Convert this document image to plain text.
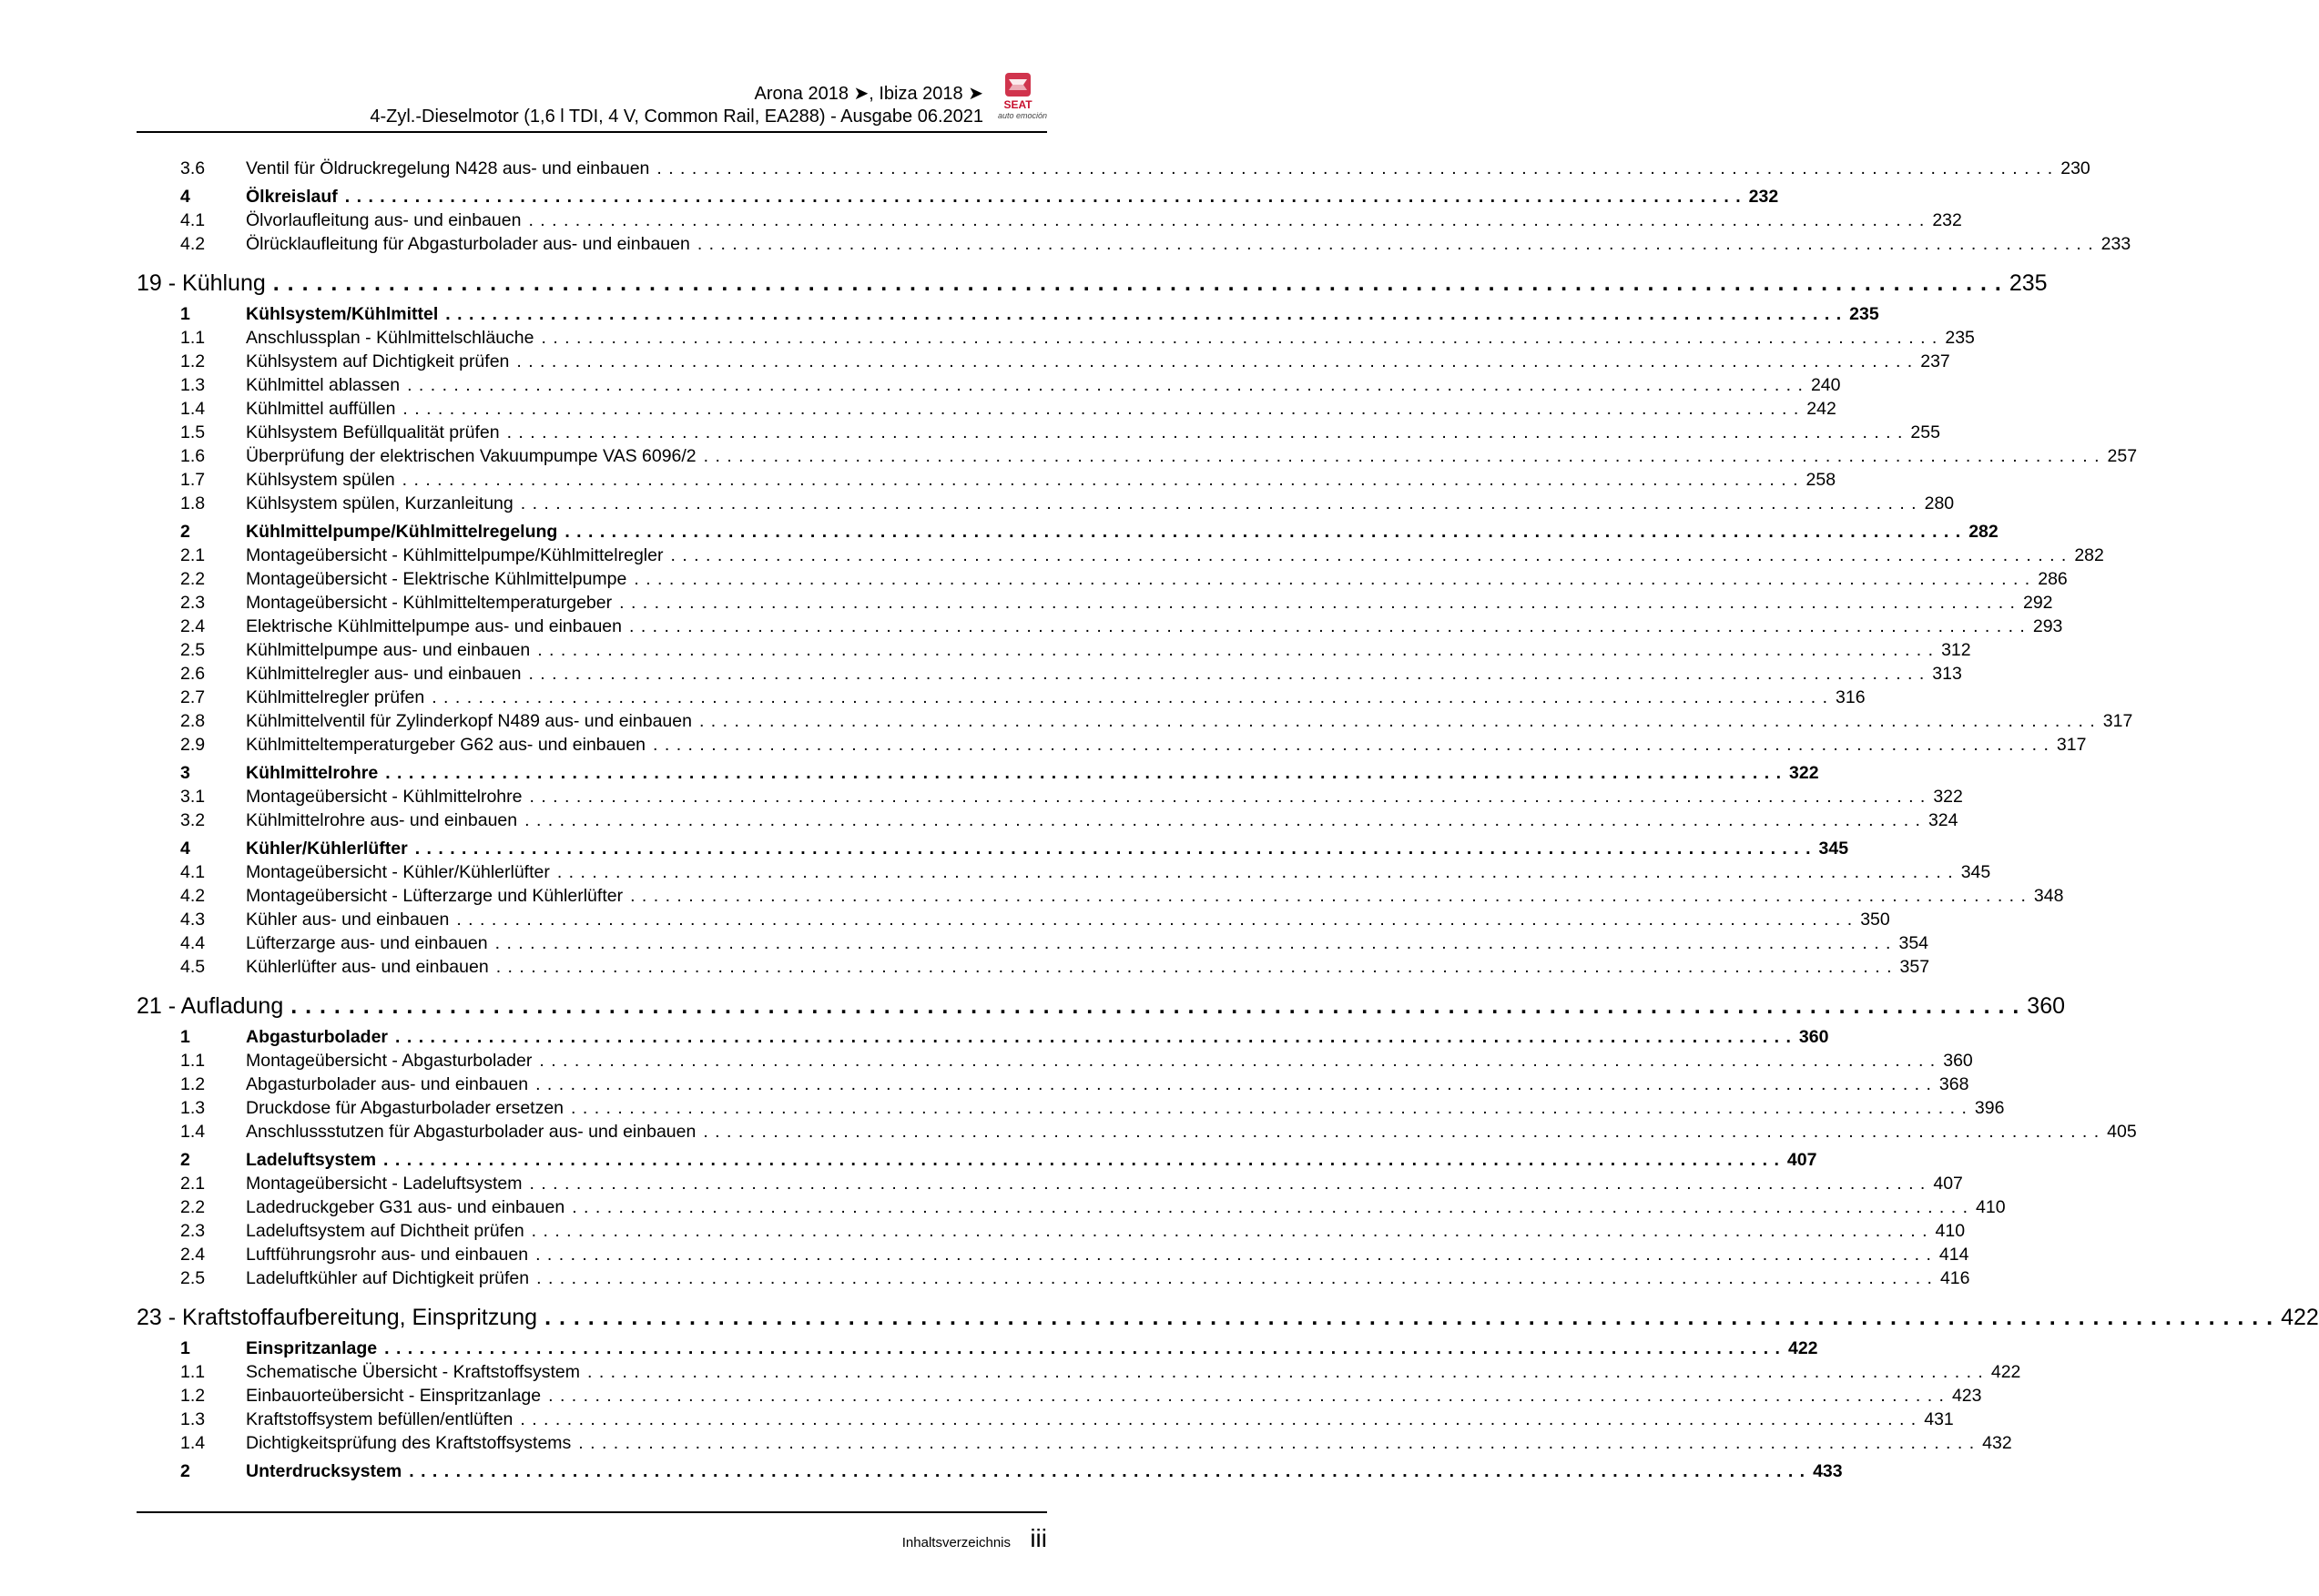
Arona 2018 ➤, Ibiza 2018 ➤
4-Zyl.-Dieselmotor (1,6 l TDI, 4 V, Common Rail, EA288) - Ausgabe 06.2021
SEAT
auto emoción
3.6	Ventil für Öldruckregelung N428 aus- und einbauen . . . . . . . . . . . . . . . . . . . . . . . . . . . . . . . . . . . . . . . . . . . . . . . . . . . . . . . . . . . . . . . . . . . . . . . . . . . . . . . . . . . . . . . . . . . . . . . . . . . . . . . . . . . . . . . . . . . . . . . . 230
4	Ölkreislauf . . . . . . . . . . . . . . . . . . . . . . . . . . . . . . . . . . . . . . . . . . . . . . . . . . . . . . . . . . . . . . . . . . . . . . . . . . . . . . . . . . . . . . . . . . . . . . . . . . . . . . . . . . . . . . . . . . . . . . . . 232
4.1	Ölvorlaufleitung aus- und einbauen . . . . . . . . . . . . . . . . . . . . . . . . . . . . . . . . . . . . . . . . . . . . . . . . . . . . . . . . . . . . . . . . . . . . . . . . . . . . . . . . . . . . . . . . . . . . . . . . . . . . . . . . . . . . . . . . . . . . . . . . 232
4.2	Ölrücklaufleitung für Abgasturbolader aus- und einbauen . . . . . . . . . . . . . . . . . . . . . . . . . . . . . . . . . . . . . . . . . . . . . . . . . . . . . . . . . . . . . . . . . . . . . . . . . . . . . . . . . . . . . . . . . . . . . . . . . . . . . . . . . . . . . . . . . . . . . . . . 233
19 - Kühlung . . . . . . . . . . . . . . . . . . . . . . . . . . . . . . . . . . . . . . . . . . . . . . . . . . . . . . . . . . . . . . . . . . . . . . . . . . . . . . . . . . . . . . . . . . . . . . . . . . . . . . . . . . . . . . . . . . . . . . . . 235
1	Kühlsystem/Kühlmittel . . . . . . . . . . . . . . . . . . . . . . . . . . . . . . . . . . . . . . . . . . . . . . . . . . . . . . . . . . . . . . . . . . . . . . . . . . . . . . . . . . . . . . . . . . . . . . . . . . . . . . . . . . . . . . . . . . . . . . . . 235
1.1	Anschlussplan - Kühlmittelschläuche . . . . . . . . . . . . . . . . . . . . . . . . . . . . . . . . . . . . . . . . . . . . . . . . . . . . . . . . . . . . . . . . . . . . . . . . . . . . . . . . . . . . . . . . . . . . . . . . . . . . . . . . . . . . . . . . . . . . . . . . 235
1.2	Kühlsystem auf Dichtigkeit prüfen . . . . . . . . . . . . . . . . . . . . . . . . . . . . . . . . . . . . . . . . . . . . . . . . . . . . . . . . . . . . . . . . . . . . . . . . . . . . . . . . . . . . . . . . . . . . . . . . . . . . . . . . . . . . . . . . . . . . . . . . 237
1.3	Kühlmittel ablassen . . . . . . . . . . . . . . . . . . . . . . . . . . . . . . . . . . . . . . . . . . . . . . . . . . . . . . . . . . . . . . . . . . . . . . . . . . . . . . . . . . . . . . . . . . . . . . . . . . . . . . . . . . . . . . . . . . . . . . . . 240
1.4	Kühlmittel auffüllen . . . . . . . . . . . . . . . . . . . . . . . . . . . . . . . . . . . . . . . . . . . . . . . . . . . . . . . . . . . . . . . . . . . . . . . . . . . . . . . . . . . . . . . . . . . . . . . . . . . . . . . . . . . . . . . . . . . . . . . . 242
1.5	Kühlsystem Befüllqualität prüfen . . . . . . . . . . . . . . . . . . . . . . . . . . . . . . . . . . . . . . . . . . . . . . . . . . . . . . . . . . . . . . . . . . . . . . . . . . . . . . . . . . . . . . . . . . . . . . . . . . . . . . . . . . . . . . . . . . . . . . . . 255
1.6	Überprüfung der elektrischen Vakuumpumpe VAS 6096/2 . . . . . . . . . . . . . . . . . . . . . . . . . . . . . . . . . . . . . . . . . . . . . . . . . . . . . . . . . . . . . . . . . . . . . . . . . . . . . . . . . . . . . . . . . . . . . . . . . . . . . . . . . . . . . . . . . . . . . . . . 257
1.7	Kühlsystem spülen . . . . . . . . . . . . . . . . . . . . . . . . . . . . . . . . . . . . . . . . . . . . . . . . . . . . . . . . . . . . . . . . . . . . . . . . . . . . . . . . . . . . . . . . . . . . . . . . . . . . . . . . . . . . . . . . . . . . . . . . 258
1.8	Kühlsystem spülen, Kurzanleitung . . . . . . . . . . . . . . . . . . . . . . . . . . . . . . . . . . . . . . . . . . . . . . . . . . . . . . . . . . . . . . . . . . . . . . . . . . . . . . . . . . . . . . . . . . . . . . . . . . . . . . . . . . . . . . . . . . . . . . . . 280
2	Kühlmittelpumpe/Kühlmittelregelung . . . . . . . . . . . . . . . . . . . . . . . . . . . . . . . . . . . . . . . . . . . . . . . . . . . . . . . . . . . . . . . . . . . . . . . . . . . . . . . . . . . . . . . . . . . . . . . . . . . . . . . . . . . . . . . . . . . . . . . . 282
2.1	Montageübersicht - Kühlmittelpumpe/Kühlmittelregler . . . . . . . . . . . . . . . . . . . . . . . . . . . . . . . . . . . . . . . . . . . . . . . . . . . . . . . . . . . . . . . . . . . . . . . . . . . . . . . . . . . . . . . . . . . . . . . . . . . . . . . . . . . . . . . . . . . . . . . . 282
2.2	Montageübersicht - Elektrische Kühlmittelpumpe . . . . . . . . . . . . . . . . . . . . . . . . . . . . . . . . . . . . . . . . . . . . . . . . . . . . . . . . . . . . . . . . . . . . . . . . . . . . . . . . . . . . . . . . . . . . . . . . . . . . . . . . . . . . . . . . . . . . . . . . 286
2.3	Montageübersicht - Kühlmitteltemperaturgeber . . . . . . . . . . . . . . . . . . . . . . . . . . . . . . . . . . . . . . . . . . . . . . . . . . . . . . . . . . . . . . . . . . . . . . . . . . . . . . . . . . . . . . . . . . . . . . . . . . . . . . . . . . . . . . . . . . . . . . . . 292
2.4	Elektrische Kühlmittelpumpe aus- und einbauen . . . . . . . . . . . . . . . . . . . . . . . . . . . . . . . . . . . . . . . . . . . . . . . . . . . . . . . . . . . . . . . . . . . . . . . . . . . . . . . . . . . . . . . . . . . . . . . . . . . . . . . . . . . . . . . . . . . . . . . . 293
2.5	Kühlmittelpumpe aus- und einbauen . . . . . . . . . . . . . . . . . . . . . . . . . . . . . . . . . . . . . . . . . . . . . . . . . . . . . . . . . . . . . . . . . . . . . . . . . . . . . . . . . . . . . . . . . . . . . . . . . . . . . . . . . . . . . . . . . . . . . . . . 312
2.6	Kühlmittelregler aus- und einbauen . . . . . . . . . . . . . . . . . . . . . . . . . . . . . . . . . . . . . . . . . . . . . . . . . . . . . . . . . . . . . . . . . . . . . . . . . . . . . . . . . . . . . . . . . . . . . . . . . . . . . . . . . . . . . . . . . . . . . . . . 313
2.7	Kühlmittelregler prüfen . . . . . . . . . . . . . . . . . . . . . . . . . . . . . . . . . . . . . . . . . . . . . . . . . . . . . . . . . . . . . . . . . . . . . . . . . . . . . . . . . . . . . . . . . . . . . . . . . . . . . . . . . . . . . . . . . . . . . . . . 316
2.8	Kühlmittelventil für Zylinderkopf N489 aus- und einbauen . . . . . . . . . . . . . . . . . . . . . . . . . . . . . . . . . . . . . . . . . . . . . . . . . . . . . . . . . . . . . . . . . . . . . . . . . . . . . . . . . . . . . . . . . . . . . . . . . . . . . . . . . . . . . . . . . . . . . . . . 317
2.9	Kühlmitteltemperaturgeber G62 aus- und einbauen . . . . . . . . . . . . . . . . . . . . . . . . . . . . . . . . . . . . . . . . . . . . . . . . . . . . . . . . . . . . . . . . . . . . . . . . . . . . . . . . . . . . . . . . . . . . . . . . . . . . . . . . . . . . . . . . . . . . . . . . 317
3	Kühlmittelrohre . . . . . . . . . . . . . . . . . . . . . . . . . . . . . . . . . . . . . . . . . . . . . . . . . . . . . . . . . . . . . . . . . . . . . . . . . . . . . . . . . . . . . . . . . . . . . . . . . . . . . . . . . . . . . . . . . . . . . . . . 322
3.1	Montageübersicht - Kühlmittelrohre . . . . . . . . . . . . . . . . . . . . . . . . . . . . . . . . . . . . . . . . . . . . . . . . . . . . . . . . . . . . . . . . . . . . . . . . . . . . . . . . . . . . . . . . . . . . . . . . . . . . . . . . . . . . . . . . . . . . . . . . 322
3.2	Kühlmittelrohre aus- und einbauen . . . . . . . . . . . . . . . . . . . . . . . . . . . . . . . . . . . . . . . . . . . . . . . . . . . . . . . . . . . . . . . . . . . . . . . . . . . . . . . . . . . . . . . . . . . . . . . . . . . . . . . . . . . . . . . . . . . . . . . . 324
4	Kühler/Kühlerlüfter . . . . . . . . . . . . . . . . . . . . . . . . . . . . . . . . . . . . . . . . . . . . . . . . . . . . . . . . . . . . . . . . . . . . . . . . . . . . . . . . . . . . . . . . . . . . . . . . . . . . . . . . . . . . . . . . . . . . . . . . 345
4.1	Montageübersicht - Kühler/Kühlerlüfter . . . . . . . . . . . . . . . . . . . . . . . . . . . . . . . . . . . . . . . . . . . . . . . . . . . . . . . . . . . . . . . . . . . . . . . . . . . . . . . . . . . . . . . . . . . . . . . . . . . . . . . . . . . . . . . . . . . . . . . . 345
4.2	Montageübersicht - Lüfterzarge und Kühlerlüfter . . . . . . . . . . . . . . . . . . . . . . . . . . . . . . . . . . . . . . . . . . . . . . . . . . . . . . . . . . . . . . . . . . . . . . . . . . . . . . . . . . . . . . . . . . . . . . . . . . . . . . . . . . . . . . . . . . . . . . . . 348
4.3	Kühler aus- und einbauen . . . . . . . . . . . . . . . . . . . . . . . . . . . . . . . . . . . . . . . . . . . . . . . . . . . . . . . . . . . . . . . . . . . . . . . . . . . . . . . . . . . . . . . . . . . . . . . . . . . . . . . . . . . . . . . . . . . . . . . . 350
4.4	Lüfterzarge aus- und einbauen . . . . . . . . . . . . . . . . . . . . . . . . . . . . . . . . . . . . . . . . . . . . . . . . . . . . . . . . . . . . . . . . . . . . . . . . . . . . . . . . . . . . . . . . . . . . . . . . . . . . . . . . . . . . . . . . . . . . . . . . 354
4.5	Kühlerlüfter aus- und einbauen . . . . . . . . . . . . . . . . . . . . . . . . . . . . . . . . . . . . . . . . . . . . . . . . . . . . . . . . . . . . . . . . . . . . . . . . . . . . . . . . . . . . . . . . . . . . . . . . . . . . . . . . . . . . . . . . . . . . . . . . 357
21 - Aufladung . . . . . . . . . . . . . . . . . . . . . . . . . . . . . . . . . . . . . . . . . . . . . . . . . . . . . . . . . . . . . . . . . . . . . . . . . . . . . . . . . . . . . . . . . . . . . . . . . . . . . . . . . . . . . . . . . . . . . . . . 360
1	Abgasturbolader . . . . . . . . . . . . . . . . . . . . . . . . . . . . . . . . . . . . . . . . . . . . . . . . . . . . . . . . . . . . . . . . . . . . . . . . . . . . . . . . . . . . . . . . . . . . . . . . . . . . . . . . . . . . . . . . . . . . . . . . 360
1.1	Montageübersicht - Abgasturbolader . . . . . . . . . . . . . . . . . . . . . . . . . . . . . . . . . . . . . . . . . . . . . . . . . . . . . . . . . . . . . . . . . . . . . . . . . . . . . . . . . . . . . . . . . . . . . . . . . . . . . . . . . . . . . . . . . . . . . . . . 360
1.2	Abgasturbolader aus- und einbauen . . . . . . . . . . . . . . . . . . . . . . . . . . . . . . . . . . . . . . . . . . . . . . . . . . . . . . . . . . . . . . . . . . . . . . . . . . . . . . . . . . . . . . . . . . . . . . . . . . . . . . . . . . . . . . . . . . . . . . . . 368
1.3	Druckdose für Abgasturbolader ersetzen . . . . . . . . . . . . . . . . . . . . . . . . . . . . . . . . . . . . . . . . . . . . . . . . . . . . . . . . . . . . . . . . . . . . . . . . . . . . . . . . . . . . . . . . . . . . . . . . . . . . . . . . . . . . . . . . . . . . . . . . 396
1.4	Anschlussstutzen für Abgasturbolader aus- und einbauen . . . . . . . . . . . . . . . . . . . . . . . . . . . . . . . . . . . . . . . . . . . . . . . . . . . . . . . . . . . . . . . . . . . . . . . . . . . . . . . . . . . . . . . . . . . . . . . . . . . . . . . . . . . . . . . . . . . . . . . . 405
2	Ladeluftsystem . . . . . . . . . . . . . . . . . . . . . . . . . . . . . . . . . . . . . . . . . . . . . . . . . . . . . . . . . . . . . . . . . . . . . . . . . . . . . . . . . . . . . . . . . . . . . . . . . . . . . . . . . . . . . . . . . . . . . . . . 407
2.1	Montageübersicht - Ladeluftsystem . . . . . . . . . . . . . . . . . . . . . . . . . . . . . . . . . . . . . . . . . . . . . . . . . . . . . . . . . . . . . . . . . . . . . . . . . . . . . . . . . . . . . . . . . . . . . . . . . . . . . . . . . . . . . . . . . . . . . . . . 407
2.2	Ladedruckgeber G31 aus- und einbauen . . . . . . . . . . . . . . . . . . . . . . . . . . . . . . . . . . . . . . . . . . . . . . . . . . . . . . . . . . . . . . . . . . . . . . . . . . . . . . . . . . . . . . . . . . . . . . . . . . . . . . . . . . . . . . . . . . . . . . . . 410
2.3	Ladeluftsystem auf Dichtheit prüfen . . . . . . . . . . . . . . . . . . . . . . . . . . . . . . . . . . . . . . . . . . . . . . . . . . . . . . . . . . . . . . . . . . . . . . . . . . . . . . . . . . . . . . . . . . . . . . . . . . . . . . . . . . . . . . . . . . . . . . . . 410
2.4	Luftführungsrohr aus- und einbauen . . . . . . . . . . . . . . . . . . . . . . . . . . . . . . . . . . . . . . . . . . . . . . . . . . . . . . . . . . . . . . . . . . . . . . . . . . . . . . . . . . . . . . . . . . . . . . . . . . . . . . . . . . . . . . . . . . . . . . . . 414
2.5	Ladeluftkühler auf Dichtigkeit prüfen . . . . . . . . . . . . . . . . . . . . . . . . . . . . . . . . . . . . . . . . . . . . . . . . . . . . . . . . . . . . . . . . . . . . . . . . . . . . . . . . . . . . . . . . . . . . . . . . . . . . . . . . . . . . . . . . . . . . . . . . 416
23 - Kraftstoffaufbereitung, Einspritzung . . . . . . . . . . . . . . . . . . . . . . . . . . . . . . . . . . . . . . . . . . . . . . . . . . . . . . . . . . . . . . . . . . . . . . . . . . . . . . . . . . . . . . . . . . . . . . . . . . . . . . . . . . . . . . . . . . . . . . . . 422
1	Einspritzanlage . . . . . . . . . . . . . . . . . . . . . . . . . . . . . . . . . . . . . . . . . . . . . . . . . . . . . . . . . . . . . . . . . . . . . . . . . . . . . . . . . . . . . . . . . . . . . . . . . . . . . . . . . . . . . . . . . . . . . . . . 422
1.1	Schematische Übersicht - Kraftstoffsystem . . . . . . . . . . . . . . . . . . . . . . . . . . . . . . . . . . . . . . . . . . . . . . . . . . . . . . . . . . . . . . . . . . . . . . . . . . . . . . . . . . . . . . . . . . . . . . . . . . . . . . . . . . . . . . . . . . . . . . . . 422
1.2	Einbauorteübersicht - Einspritzanlage . . . . . . . . . . . . . . . . . . . . . . . . . . . . . . . . . . . . . . . . . . . . . . . . . . . . . . . . . . . . . . . . . . . . . . . . . . . . . . . . . . . . . . . . . . . . . . . . . . . . . . . . . . . . . . . . . . . . . . . . 423
1.3	Kraftstoffsystem befüllen/entlüften . . . . . . . . . . . . . . . . . . . . . . . . . . . . . . . . . . . . . . . . . . . . . . . . . . . . . . . . . . . . . . . . . . . . . . . . . . . . . . . . . . . . . . . . . . . . . . . . . . . . . . . . . . . . . . . . . . . . . . . . 431
1.4	Dichtigkeitsprüfung des Kraftstoffsystems . . . . . . . . . . . . . . . . . . . . . . . . . . . . . . . . . . . . . . . . . . . . . . . . . . . . . . . . . . . . . . . . . . . . . . . . . . . . . . . . . . . . . . . . . . . . . . . . . . . . . . . . . . . . . . . . . . . . . . . . 432
2	Unterdrucksystem . . . . . . . . . . . . . . . . . . . . . . . . . . . . . . . . . . . . . . . . . . . . . . . . . . . . . . . . . . . . . . . . . . . . . . . . . . . . . . . . . . . . . . . . . . . . . . . . . . . . . . . . . . . . . . . . . . . . . . . . 433
Inhaltsverzeichnis iii
